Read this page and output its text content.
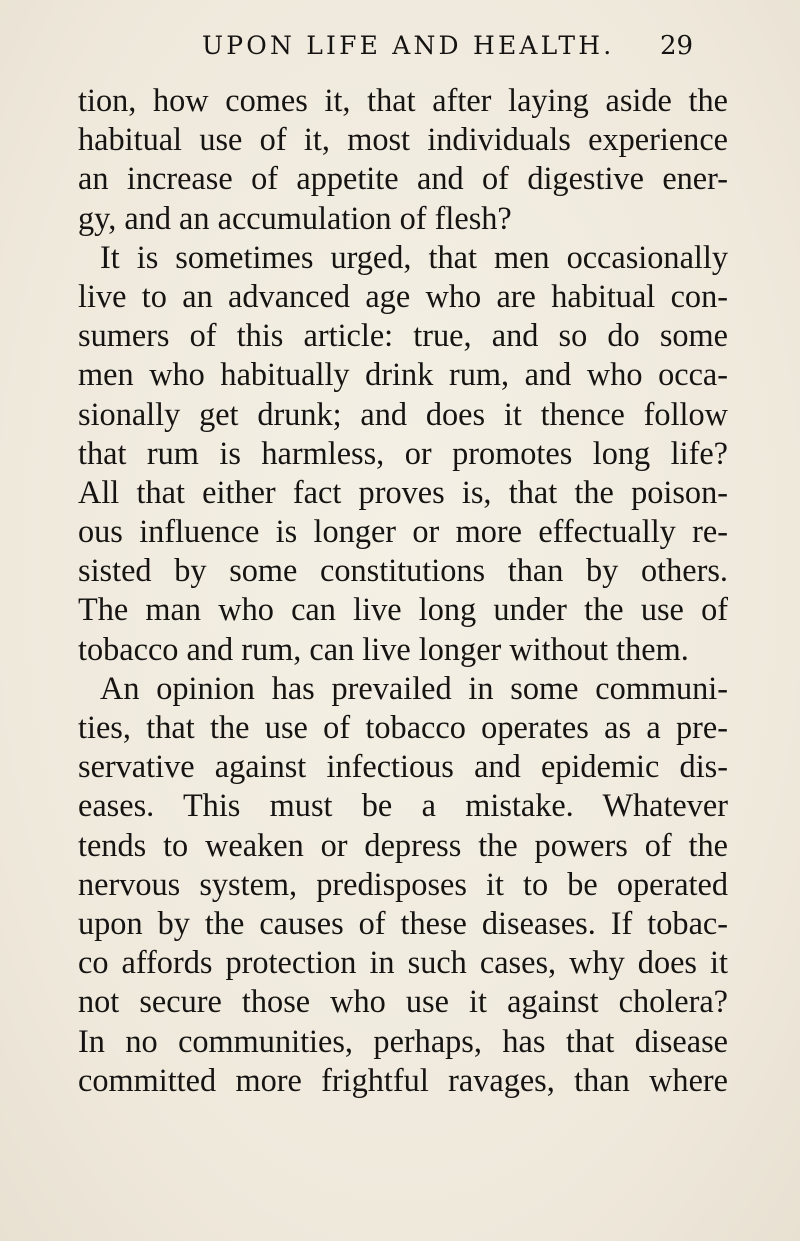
UPON LIFE AND HEALTH. 29
tion, how comes it, that after laying aside the
habitual use of it, most individuals experience
an increase of appetite and of digestive ener-
gy, and an accumulation of flesh?
It is sometimes urged, that men occasionally
live to an advanced age who are habitual con-
sumers of this article: true, and so do some
men who habitually drink rum, and who occa-
sionally get drunk; and does it thence follow
that rum is harmless, or promotes long life?
All that either fact proves is, that the poison-
ous influence is longer or more effectually re-
sisted by some constitutions than by others.
The man who can live long under the use of
tobacco and rum, can live longer without them.
An opinion has prevailed in some communi-
ties, that the use of tobacco operates as a pre-
servative against infectious and epidemic dis-
eases. This must be a mistake. Whatever
tends to weaken or depress the powers of the
nervous system, predisposes it to be operated
upon by the causes of these diseases. If tobac-
co affords protection in such cases, why does it
not secure those who use it against cholera?
In no communities, perhaps, has that disease
committed more frightful ravages, than where
